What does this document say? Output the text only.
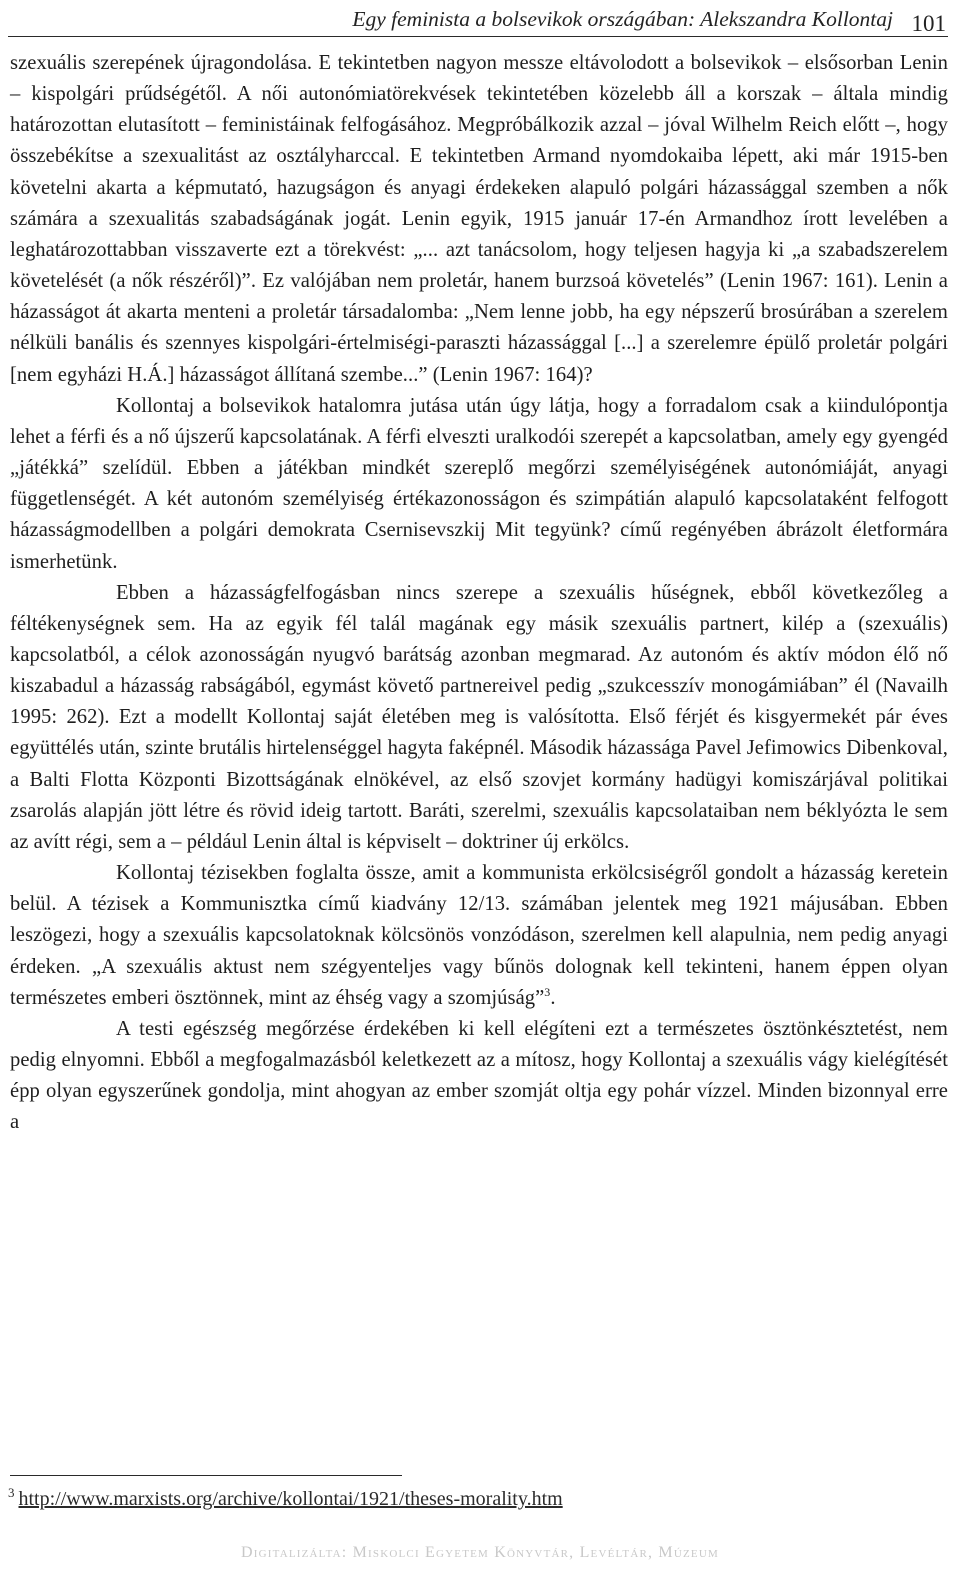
Egy feminista a bolsevikok országában: Alekszandra Kollontaj 101

szexuális szerepének újragondolása. E tekintetben nagyon messze eltávolodott a bolsevikok – elsősorban Lenin – kispolgári prűdségétől. A női autonómiatörekvések tekintetében közelebb áll a korszak – általa mindig határozottan elutasított – feministáinak felfogásához. Megpróbálkozik azzal – jóval Wilhelm Reich előtt –, hogy összebékítse a szexualitást az osztályharccal. E tekintetben Armand nyomdokaiba lépett, aki már 1915-ben követelni akarta a képmutató, hazugságon és anyagi érdekeken alapuló polgári házassággal szemben a nők számára a szexualitás szabadságának jogát. Lenin egyik, 1915 január 17-én Armandhoz írott levelében a leghatározottabban visszaverte ezt a törekvést: „... azt tanácsolom, hogy teljesen hagyja ki „a szabadszerelem követelését (a nők részéről)”. Ez valójában nem proletár, hanem burzsoá követelés” (Lenin 1967: 161). Lenin a házasságot át akarta menteni a proletár társadalomba: „Nem lenne jobb, ha egy népszerű brosúrában a szerelem nélküli banális és szennyes kispolgári-értelmiségi-paraszti házassággal [...] a szerelemre épülő proletár polgári [nem egyházi H.Á.] házasságot állítaná szembe...” (Lenin 1967: 164)?

Kollontaj a bolsevikok hatalomra jutása után úgy látja, hogy a forradalom csak a kiindulópontja lehet a férfi és a nő újszerű kapcsolatának. A férfi elveszti uralkodói szerepét a kapcsolatban, amely egy gyengéd „játékká” szelídül. Ebben a játékban mindkét szereplő megőrzi személyiségének autonómiáját, anyagi függetlenségét. A két autonóm személyiség értékazonosságon és szimpátián alapuló kapcsolataként felfogott házasságmodellben a polgári demokrata Csernisevszkij Mit tegyünk? című regényében ábrázolt életformára ismerhetünk.

Ebben a házasságfelfogásban nincs szerepe a szexuális hűségnek, ebből következőleg a féltékenységnek sem. Ha az egyik fél talál magának egy másik szexuális partnert, kilép a (szexuális) kapcsolatból, a célok azonosságán nyugvó barátság azonban megmarad. Az autonóm és aktív módon élő nő kiszabadul a házasság rabságából, egymást követő partnereivel pedig „szukcesszív monogámiában” él (Navailh 1995: 262). Ezt a modellt Kollontaj saját életében meg is valósította. Első férjét és kisgyermekét pár éves együttélés után, szinte brutális hirtelenséggel hagyta faképnél. Második házassága Pavel Jefimowics Dibenkoval, a Balti Flotta Központi Bizottságának elnökével, az első szovjet kormány hadügyi komiszárjával politikai zsarolás alapján jött létre és rövid ideig tartott. Baráti, szerelmi, szexuális kapcsolataiban nem béklyózta le sem az avítt régi, sem a – például Lenin által is képviselt – doktriner új erkölcs.

Kollontaj tézisekben foglalta össze, amit a kommunista erkölcsiségről gondolt a házasság keretein belül. A tézisek a Kommunisztka című kiadvány 12/13. számában jelentek meg 1921 májusában. Ebben leszögezi, hogy a szexuális kapcsolatoknak kölcsönös vonzódáson, szerelmen kell alapulnia, nem pedig anyagi érdeken. „A szexuális aktust nem szégyenteljes vagy bűnös dolognak kell tekinteni, hanem éppen olyan természetes emberi ösztönnek, mint az éhség vagy a szomjúság”$^3$.

A testi egészség megőrzése érdekében ki kell elégíteni ezt a természetes ösztönkésztetést, nem pedig elnyomni. Ebből a megfogalmazásból keletkezett az a mítosz, hogy Kollontaj a szexuális vágy kielégítését épp olyan egyszerűnek gondolja, mint ahogyan az ember szomját oltja egy pohár vízzel. Minden bizonnyal erre a

$^3$ http://www.marxists.org/archive/kollontai/1921/theses-morality.htm
Digitalizálta: Miskolci Egyetem Könyvtár, Levéltár, Múzeum
